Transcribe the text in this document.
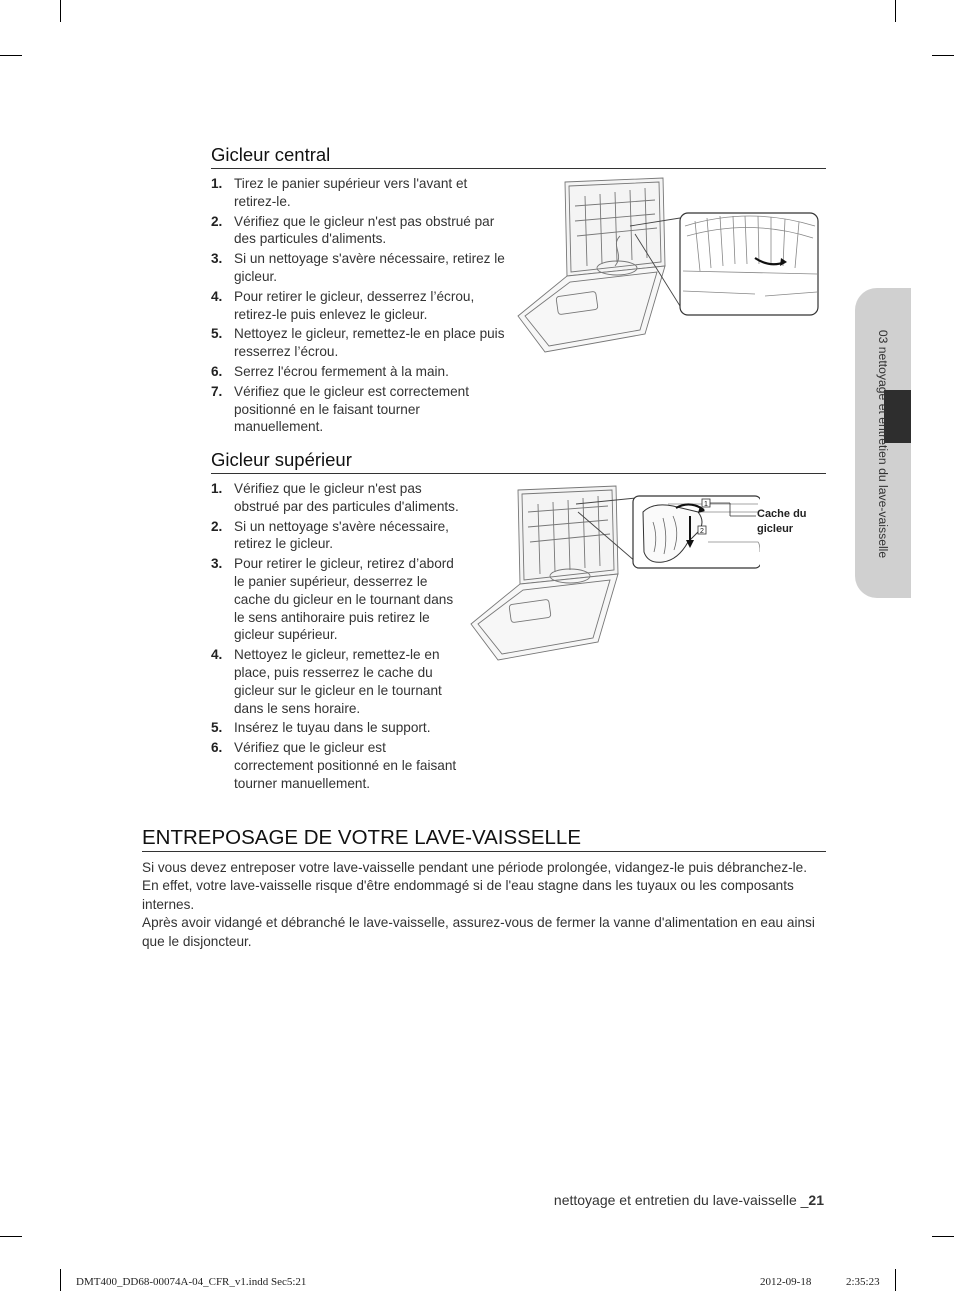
Gicleur central
1. Tirez le panier supérieur vers l'avant et retirez-le.
2. Vérifiez que le gicleur n'est pas obstrué par des particules d'aliments.
3. Si un nettoyage s'avère nécessaire, retirez le gicleur.
4. Pour retirer le gicleur, desserrez l’écrou, retirez-le puis enlevez le gicleur.
5. Nettoyez le gicleur, remettez-le en place puis resserrez l’écrou.
6. Serrez l'écrou fermement à la main.
7. Vérifiez que le gicleur est correctement positionné en le faisant tourner manuellement.
Gicleur supérieur
1. Vérifiez que le gicleur n'est pas obstrué par des particules d'aliments.
2. Si un nettoyage s'avère nécessaire, retirez le gicleur.
3. Pour retirer le gicleur, retirez d’abord le panier supérieur, desserrez le cache du gicleur en le tournant dans le sens antihoraire puis retirez le gicleur supérieur.
4. Nettoyez le gicleur, remettez-le en place, puis resserrez le cache du gicleur sur le gicleur en le tournant dans le sens horaire.
5. Insérez le tuyau dans le support.
6. Vérifiez que le gicleur est correctement positionné en le faisant tourner manuellement.
1
2
Cache du gicleur
ENTREPOSAGE DE VOTRE LAVE-VAISSELLE

Si vous devez entreposer votre lave-vaisselle pendant une période prolongée, vidangez-le puis débranchez-le. En effet, votre lave-vaisselle risque d'être endommagé si de l'eau stagne dans les tuyaux ou les composants internes.

Après avoir vidangé et débranché le lave-vaisselle, assurez-vous de fermer la vanne d'alimentation en eau ainsi que le disjoncteur.

03 nettoyage et entretien du lave-vaisselle
nettoyage et entretien du lave-vaisselle _21
DMT400_DD68-00074A-04_CFR_v1.indd Sec5:21	2012-09-18	2:35:23
